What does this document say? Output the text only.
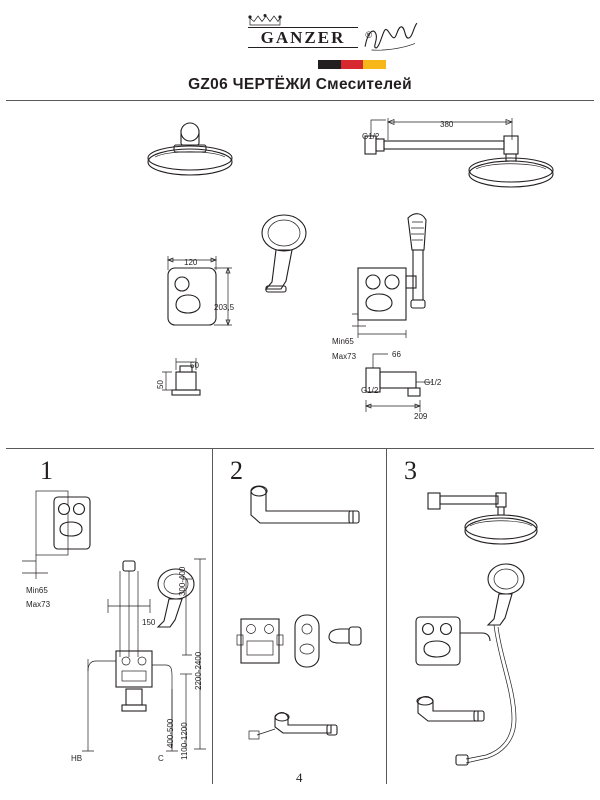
GANZER	®
GZ06 ЧЕРТЁЖИ Смесителей
380
G1/2
120
203,5
50
50
Min65
Max73	66
G1/2
G1/2
209
1
Min65
Max73
150
300-400
2200-2400
1100-1200
400-500
HВ	C
2	3
4
